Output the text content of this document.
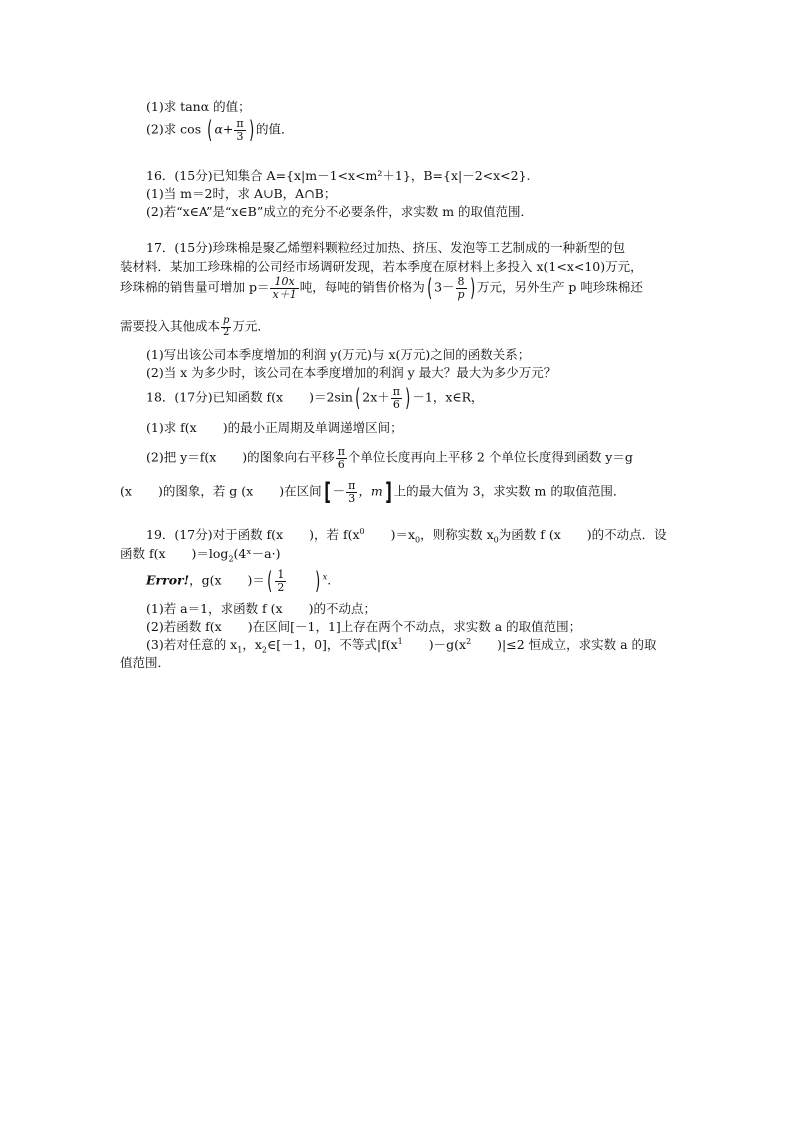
(1)求 tanα 的值；
(2)求 cos ( $\alpha+ \frac{\pi}{3}$ ) 的值．
16．(15分)已知集合 A={x|m－1<x<m²＋1}，B={x|－2<x<2}.
(1)当 m＝2时，求 A∪B，A∩B；
(2)若“x∈A”是“x∈B”成立的充分不必要条件，求实数 m 的取值范围．
17．(15分)珍珠棉是聚乙烯塑料颗粒经过加热、挤压、发泡等工艺制成的一种新型的包
装材料．某加工珍珠棉的公司经市场调研发现，若本季度在原材料上多投入 x(1<x<10)万元，
珍珠棉的销售量可增加 $p= \frac{10x}{x+1}$ 吨，每吨的销售价格为( $3- \frac{8}{p}$ ) 万元，另外生产 p 吨珍珠棉还
需要投入其他成本 $\frac{p}{2}$ 万元．
(1)写出该公司本季度增加的利润 y(万元)与 x(万元)之间的函数关系；
(2)当 x 为多少时，该公司在本季度增加的利润 y 最大？最大为多少万元？
18．(17分)已知函数 f(x )＝2sin( $2x+ \frac{\pi}{6}$ ) －1，x∈R，
(1)求 f(x )的最小正周期及单调递增区间；
(2)把 y＝f(x )的图象向右平移 $\frac{\pi}{6}$ 个单位长度再向上平移 2 个单位长度得到函数 y＝g
(x )的图象，若 g (x )在区间[ － $\frac{\pi}{3}$ ，m] 上的最大值为 3，求实数 m 的取值范围．
19．(17分)对于函数 f(x )，若 $f(x^0$ )$=x_0$，则称实数 $x_0$为函数 f (x )的不动点．设
函数 f(x )$=\log_2(4ˣ-a\cdot)$
Error!，g(x )＝( $\frac{1}{2}$ ) $^x$.
(1)若 a＝1，求函数 f (x )的不动点；
(2)若函数 f(x )在区间[－1，1]上存在两个不动点，求实数 a 的取值范围；
(3)若对任意的 $x_1$，$x_2\in[-1$，0]，不等式$|f(x^1$ )$-g(x^2$ )|≤2 恒成立，求实数 a 的取
值范围．
